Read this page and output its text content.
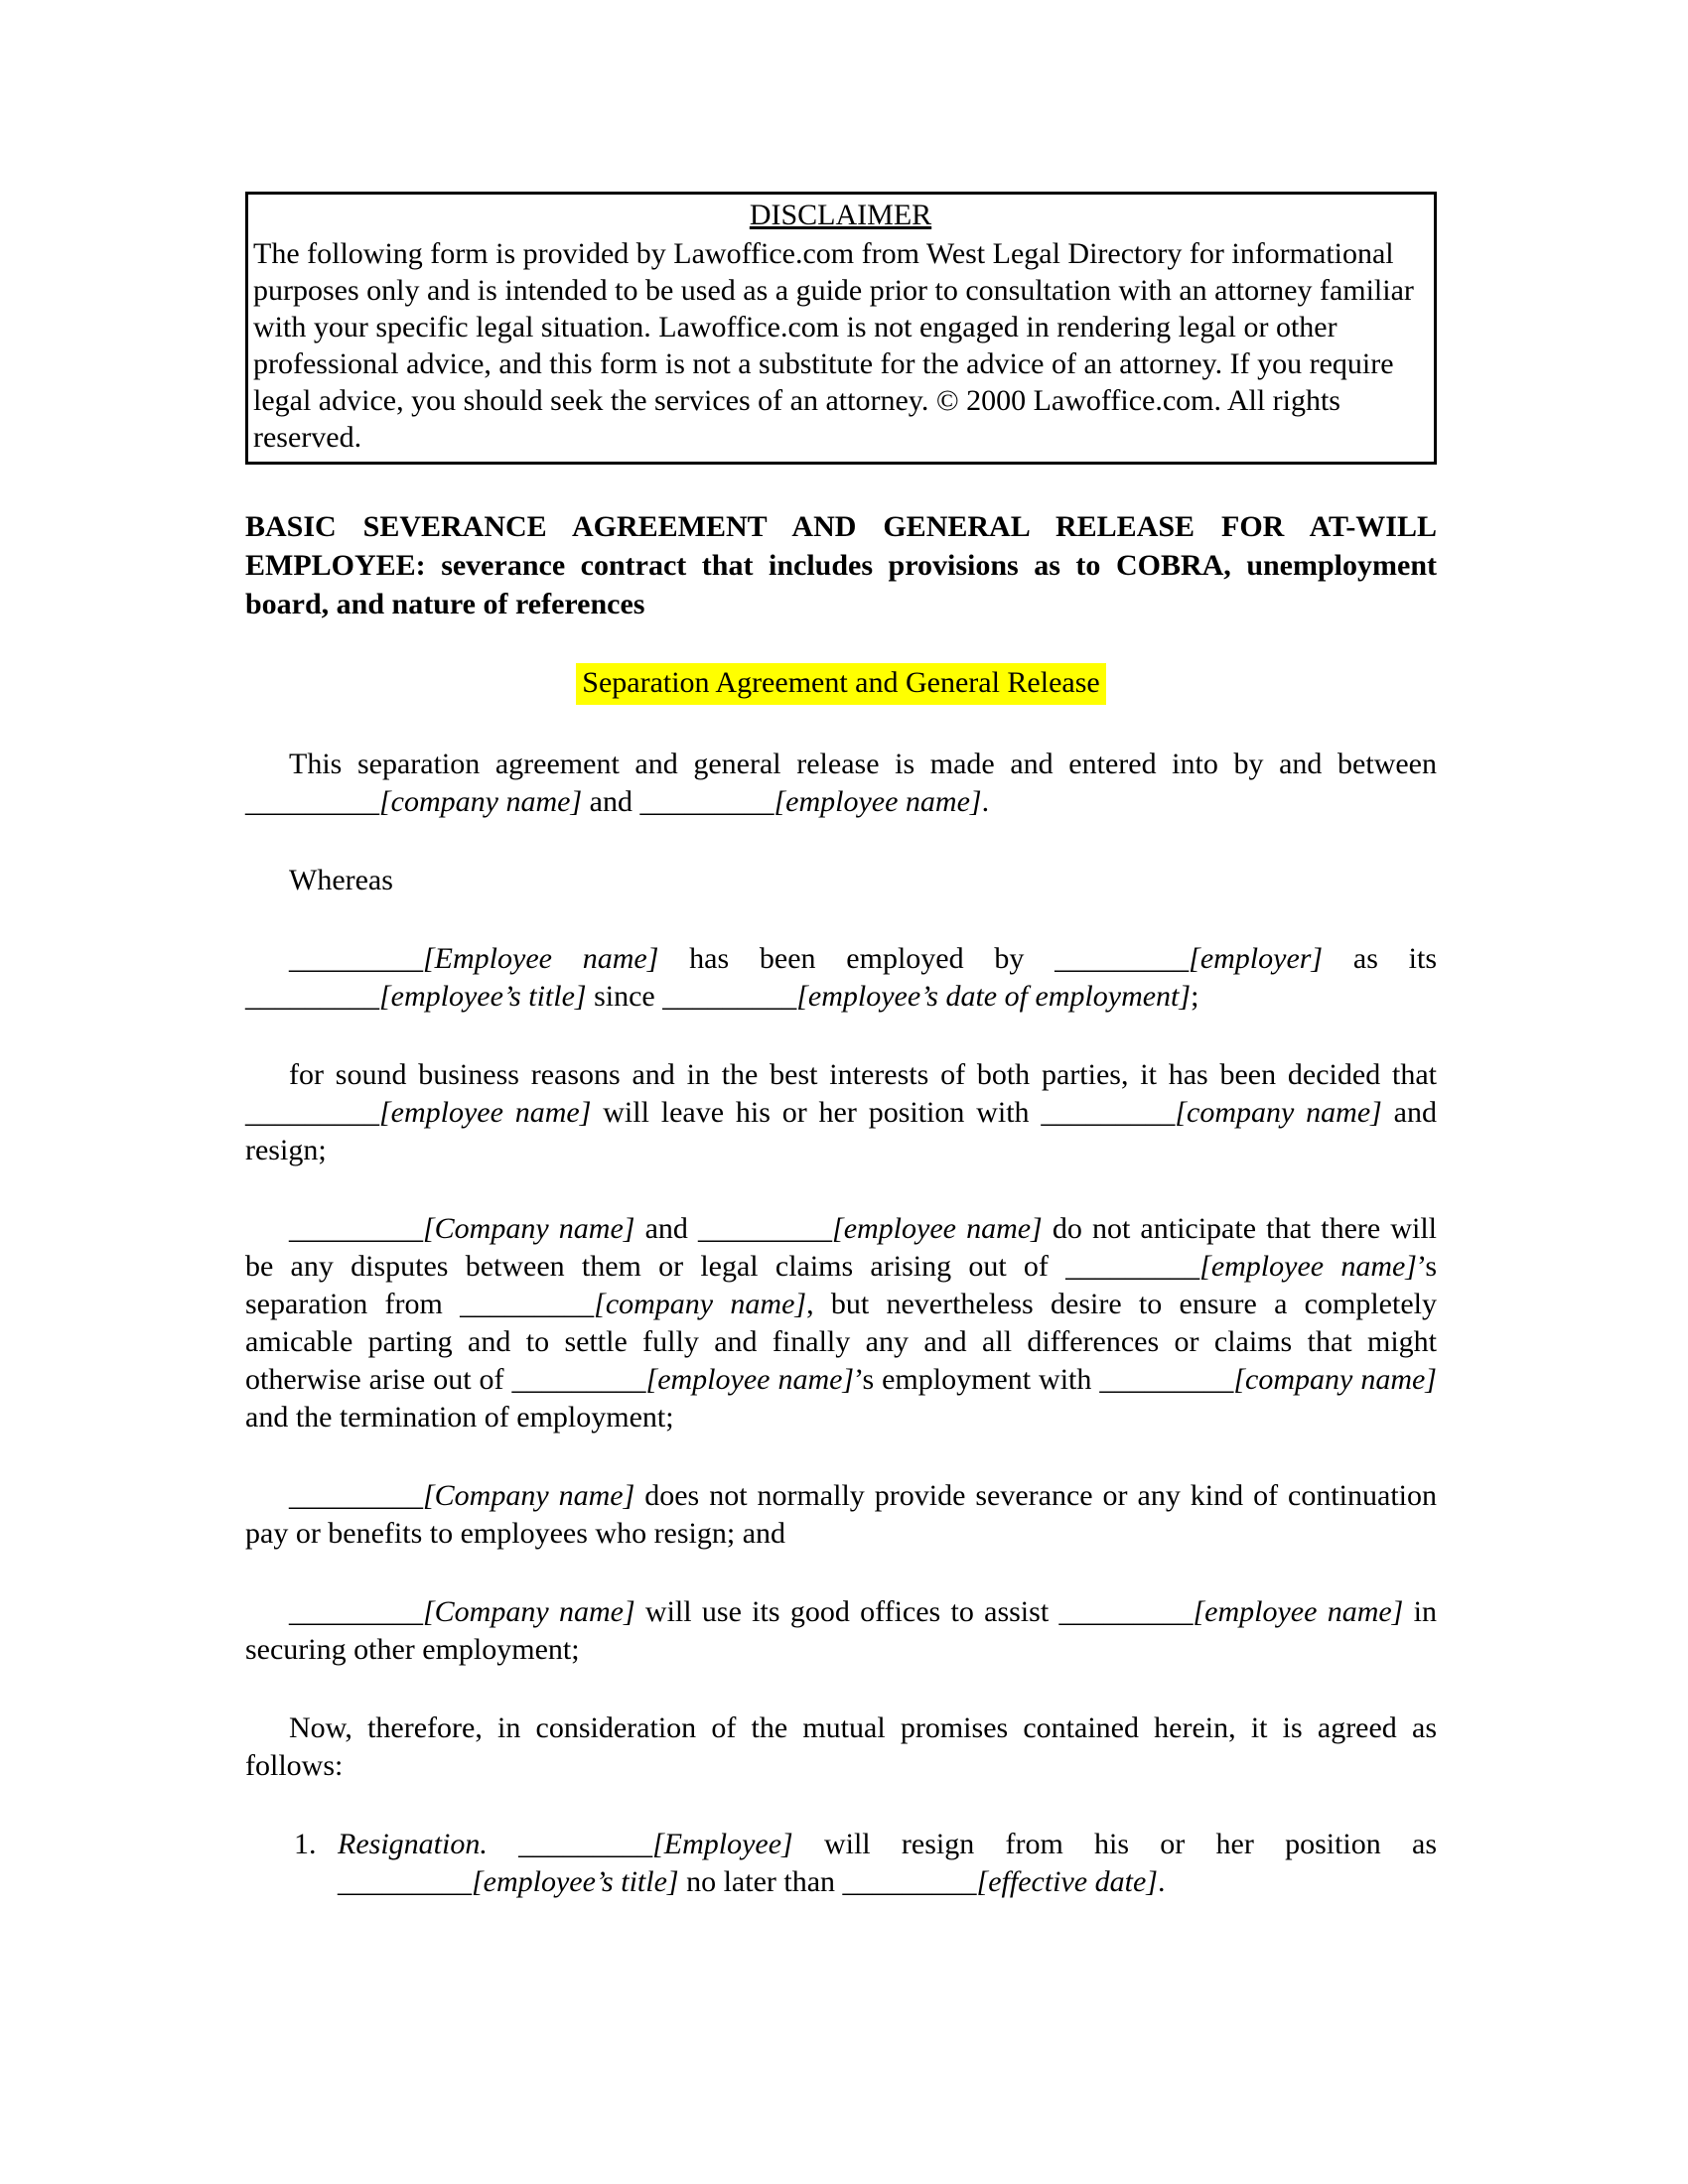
DISCLAIMER
The following form is provided by Lawoffice.com from West Legal Directory for informational purposes only and is intended to be used as a guide prior to consultation with an attorney familiar with your specific legal situation. Lawoffice.com is not engaged in rendering legal or other professional advice, and this form is not a substitute for the advice of an attorney. If you require legal advice, you should seek the services of an attorney. © 2000 Lawoffice.com. All rights reserved.
BASIC SEVERANCE AGREEMENT AND GENERAL RELEASE FOR AT-WILL EMPLOYEE: severance contract that includes provisions as to COBRA, unemployment board, and nature of references
Separation Agreement and General Release

This separation agreement and general release is made and entered into by and between _________[company name] and _________[employee name].

Whereas

_________[Employee name] has been employed by _________[employer] as its _________[employee’s title] since _________[employee’s date of employment];

for sound business reasons and in the best interests of both parties, it has been decided that _________[employee name] will leave his or her position with _________[company name] and resign;

_________[Company name] and _________[employee name] do not anticipate that there will be any disputes between them or legal claims arising out of _________[employee name]’s separation from _________[company name], but nevertheless desire to ensure a completely amicable parting and to settle fully and finally any and all differences or claims that might otherwise arise out of _________[employee name]’s employment with _________[company name] and the termination of employment;

_________[Company name] does not normally provide severance or any kind of continuation pay or benefits to employees who resign; and

_________[Company name] will use its good offices to assist _________[employee name] in securing other employment;

Now, therefore, in consideration of the mutual promises contained herein, it is agreed as follows:

1. Resignation. _________[Employee] will resign from his or her position as _________[employee’s title] no later than _________[effective date].
